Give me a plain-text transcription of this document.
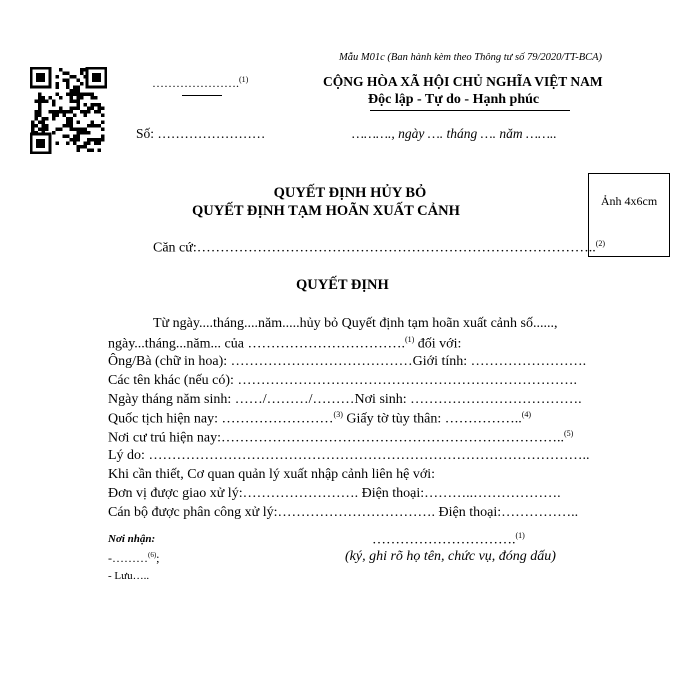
Mẫu M01c (Ban hành kèm theo Thông tư số 79/2020/TT-BCA)
………………….$^{(1)}$	CỘNG HÒA XÃ HỘI CHỦ NGHĨA VIỆT NAM
Độc lập - Tự do - Hạnh phúc
Số: ……………………	………., ngày …. tháng …. năm ……..
Ảnh 4x6cm
QUYẾT ĐỊNH HỦY BỎ
QUYẾT ĐỊNH TẠM HOÃN XUẤT CẢNH
Căn cứ:…………………………………………………………………………..$^{(2)}$
QUYẾT ĐỊNH
Từ ngày....tháng....năm.....hủy bỏ Quyết định tạm hoãn xuất cảnh số......,
ngày...tháng...năm... của …………………………….$^{(1)}$ đối với:
Ông/Bà (chữ in hoa): …………………………………Giới tính: …………………….
Các tên khác (nếu có): ……………………………………………………………….
Ngày tháng năm sinh: ……/………/………Nơi sinh: ……………………………….
Quốc tịch hiện nay: ……………………$^{(3)}$ Giấy tờ tùy thân: ……………..$^{(4)}$
Nơi cư trú hiện nay:………………………………………………………………..$^{(5)}$
Lý do: …………………………………………………………………………………..
Khi cần thiết, Cơ quan quản lý xuất nhập cảnh liên hệ với:
Đơn vị được giao xử lý:……………………. Điện thoại:………..……………….
Cán bộ được phân công xử lý:……………………………. Điện thoại:……………..
Nơi nhận:
-………$^{(6)}$;
- Lưu…..
………………………….$^{(1)}$
(ký, ghi rõ họ tên, chức vụ, đóng dấu)
